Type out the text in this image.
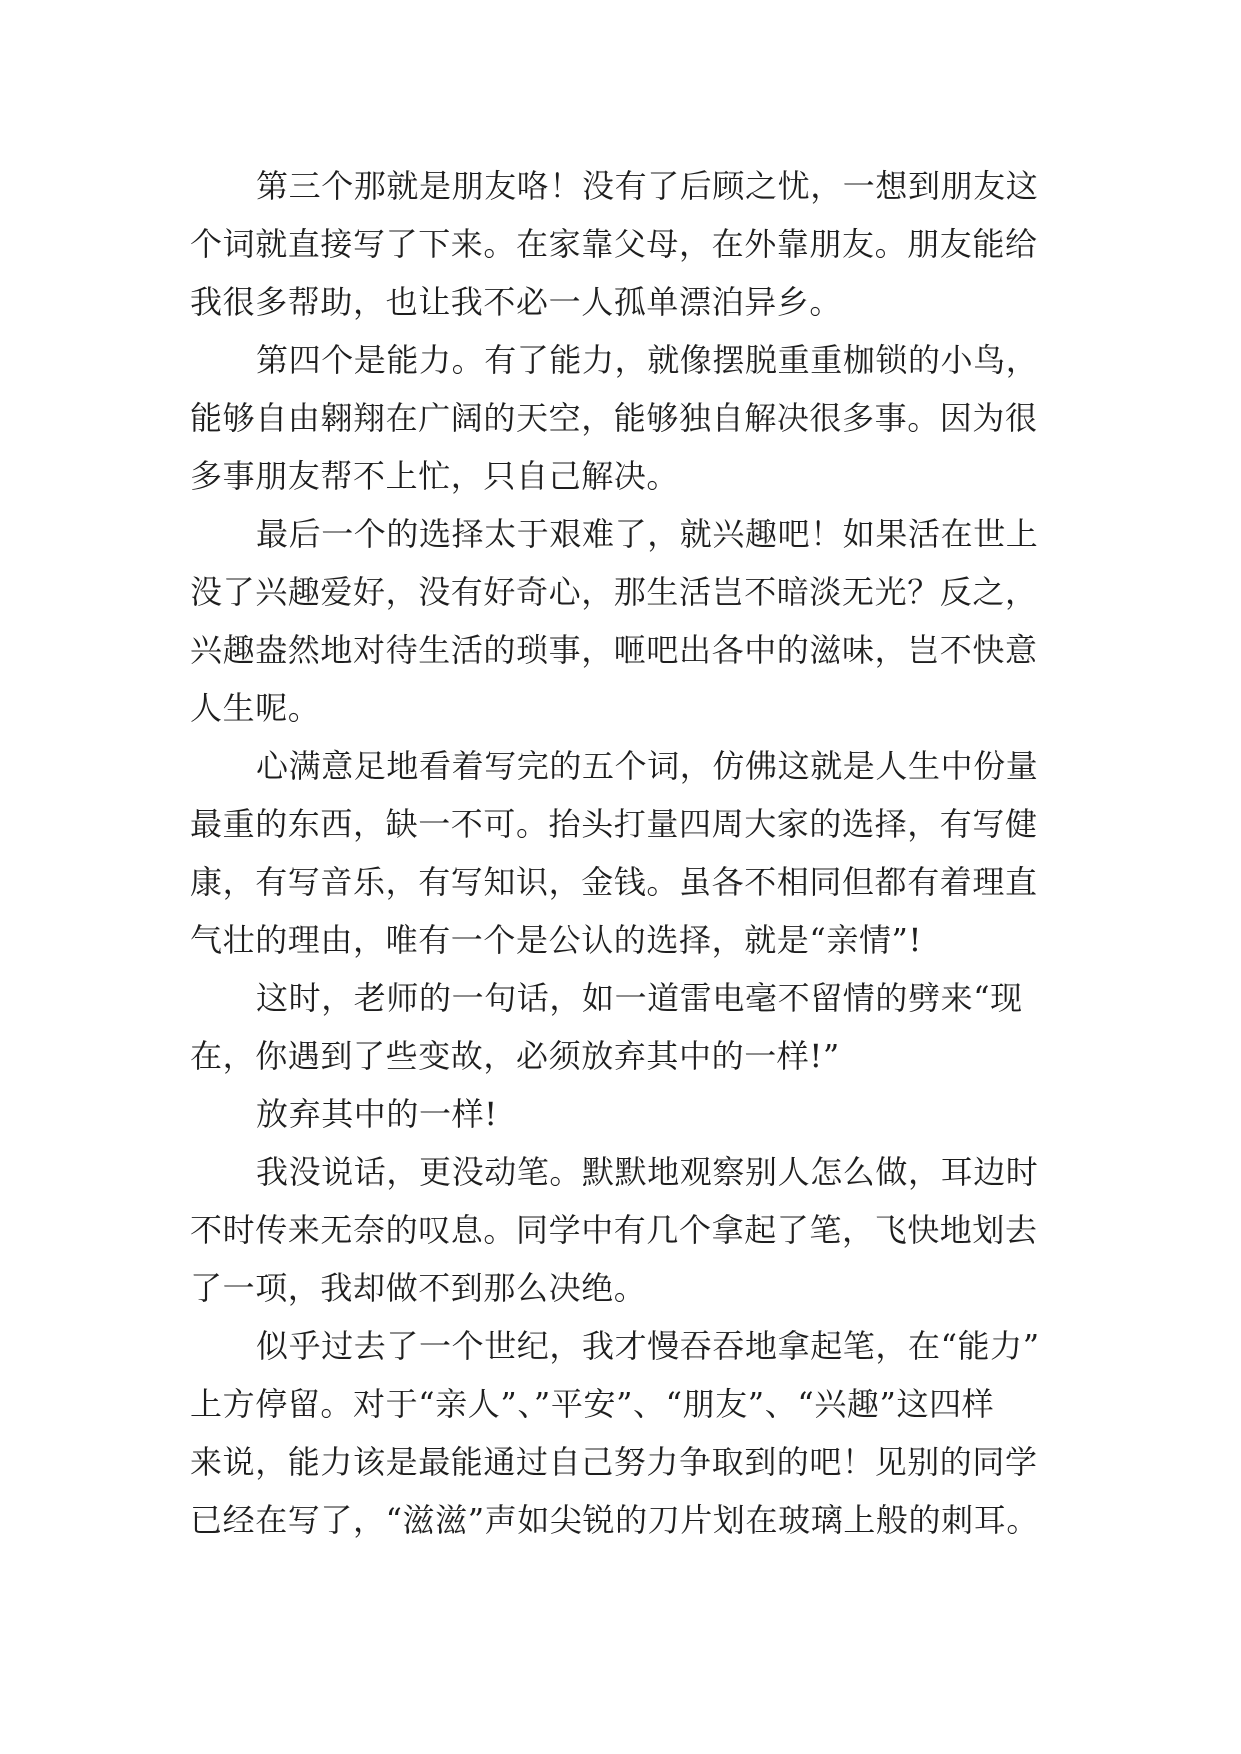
第三个那就是朋友咯！没有了后顾之忧，一想到朋友这
个词就直接写了下来。在家靠父母，在外靠朋友。朋友能给
我很多帮助，也让我不必一人孤单漂泊异乡。
第四个是能力。有了能力，就像摆脱重重枷锁的小鸟，
能够自由翱翔在广阔的天空，能够独自解决很多事。因为很
多事朋友帮不上忙，只自己解决。
最后一个的选择太于艰难了，就兴趣吧！如果活在世上
没了兴趣爱好，没有好奇心，那生活岂不暗淡无光？反之，
兴趣盎然地对待生活的琐事，咂吧出各中的滋味，岂不快意
人生呢。
心满意足地看着写完的五个词，仿佛这就是人生中份量
最重的东西，缺一不可。抬头打量四周大家的选择，有写健
康，有写音乐，有写知识，金钱。虽各不相同但都有着理直
气壮的理由，唯有一个是公认的选择，就是“亲情”!
这时，老师的一句话，如一道雷电毫不留情的劈来“现
在，你遇到了些变故，必须放弃其中的一样!”
放弃其中的一样!
我没说话，更没动笔。默默地观察别人怎么做，耳边时
不时传来无奈的叹息。同学中有几个拿起了笔，飞快地划去
了一项，我却做不到那么决绝。
似乎过去了一个世纪，我才慢吞吞地拿起笔，在“能力”
上方停留。对于“亲人”、”平安”、“朋友”、“兴趣”这四样
来说，能力该是最能通过自己努力争取到的吧！见别的同学
已经在写了，“滋滋”声如尖锐的刀片划在玻璃上般的刺耳。
